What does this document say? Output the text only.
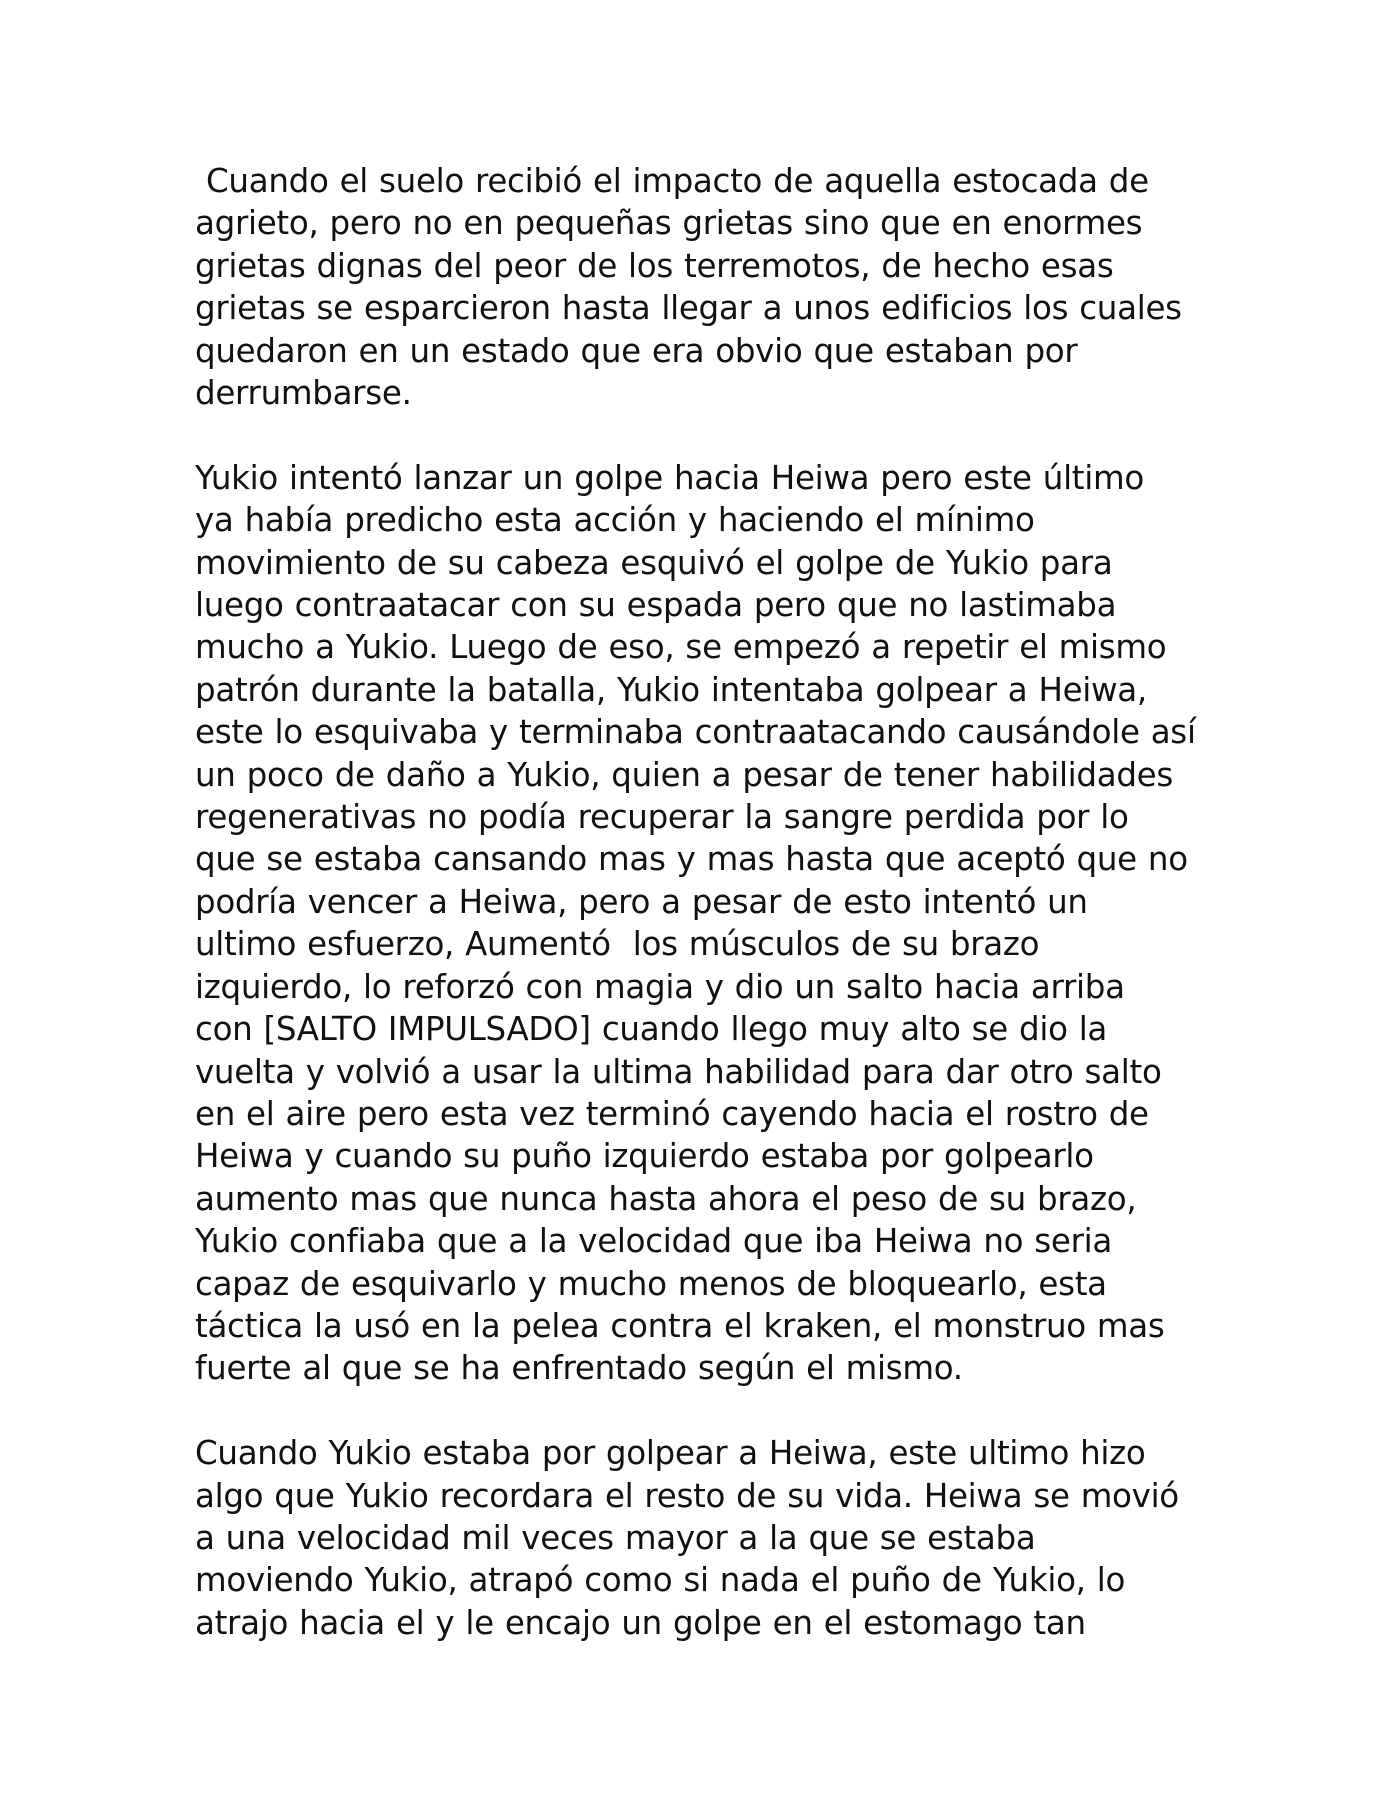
Cuando el suelo recibió el impacto de aquella estocada de
agrieto, pero no en pequeñas grietas sino que en enormes
grietas dignas del peor de los terremotos, de hecho esas
grietas se esparcieron hasta llegar a unos edificios los cuales
quedaron en un estado que era obvio que estaban por
derrumbarse.

Yukio intentó lanzar un golpe hacia Heiwa pero este último
ya había predicho esta acción y haciendo el mínimo
movimiento de su cabeza esquivó el golpe de Yukio para
luego contraatacar con su espada pero que no lastimaba
mucho a Yukio. Luego de eso, se empezó a repetir el mismo
patrón durante la batalla, Yukio intentaba golpear a Heiwa,
este lo esquivaba y terminaba contraatacando causándole así
un poco de daño a Yukio, quien a pesar de tener habilidades
regenerativas no podía recuperar la sangre perdida por lo
que se estaba cansando mas y mas hasta que aceptó que no
podría vencer a Heiwa, pero a pesar de esto intentó un
ultimo esfuerzo, Aumentó  los músculos de su brazo
izquierdo, lo reforzó con magia y dio un salto hacia arriba
con [SALTO IMPULSADO] cuando llego muy alto se dio la
vuelta y volvió a usar la ultima habilidad para dar otro salto
en el aire pero esta vez terminó cayendo hacia el rostro de
Heiwa y cuando su puño izquierdo estaba por golpearlo
aumento mas que nunca hasta ahora el peso de su brazo,
Yukio confiaba que a la velocidad que iba Heiwa no seria
capaz de esquivarlo y mucho menos de bloquearlo, esta
táctica la usó en la pelea contra el kraken, el monstruo mas
fuerte al que se ha enfrentado según el mismo.

Cuando Yukio estaba por golpear a Heiwa, este ultimo hizo
algo que Yukio recordara el resto de su vida. Heiwa se movió
a una velocidad mil veces mayor a la que se estaba
moviendo Yukio, atrapó como si nada el puño de Yukio, lo
atrajo hacia el y le encajo un golpe en el estomago tan
